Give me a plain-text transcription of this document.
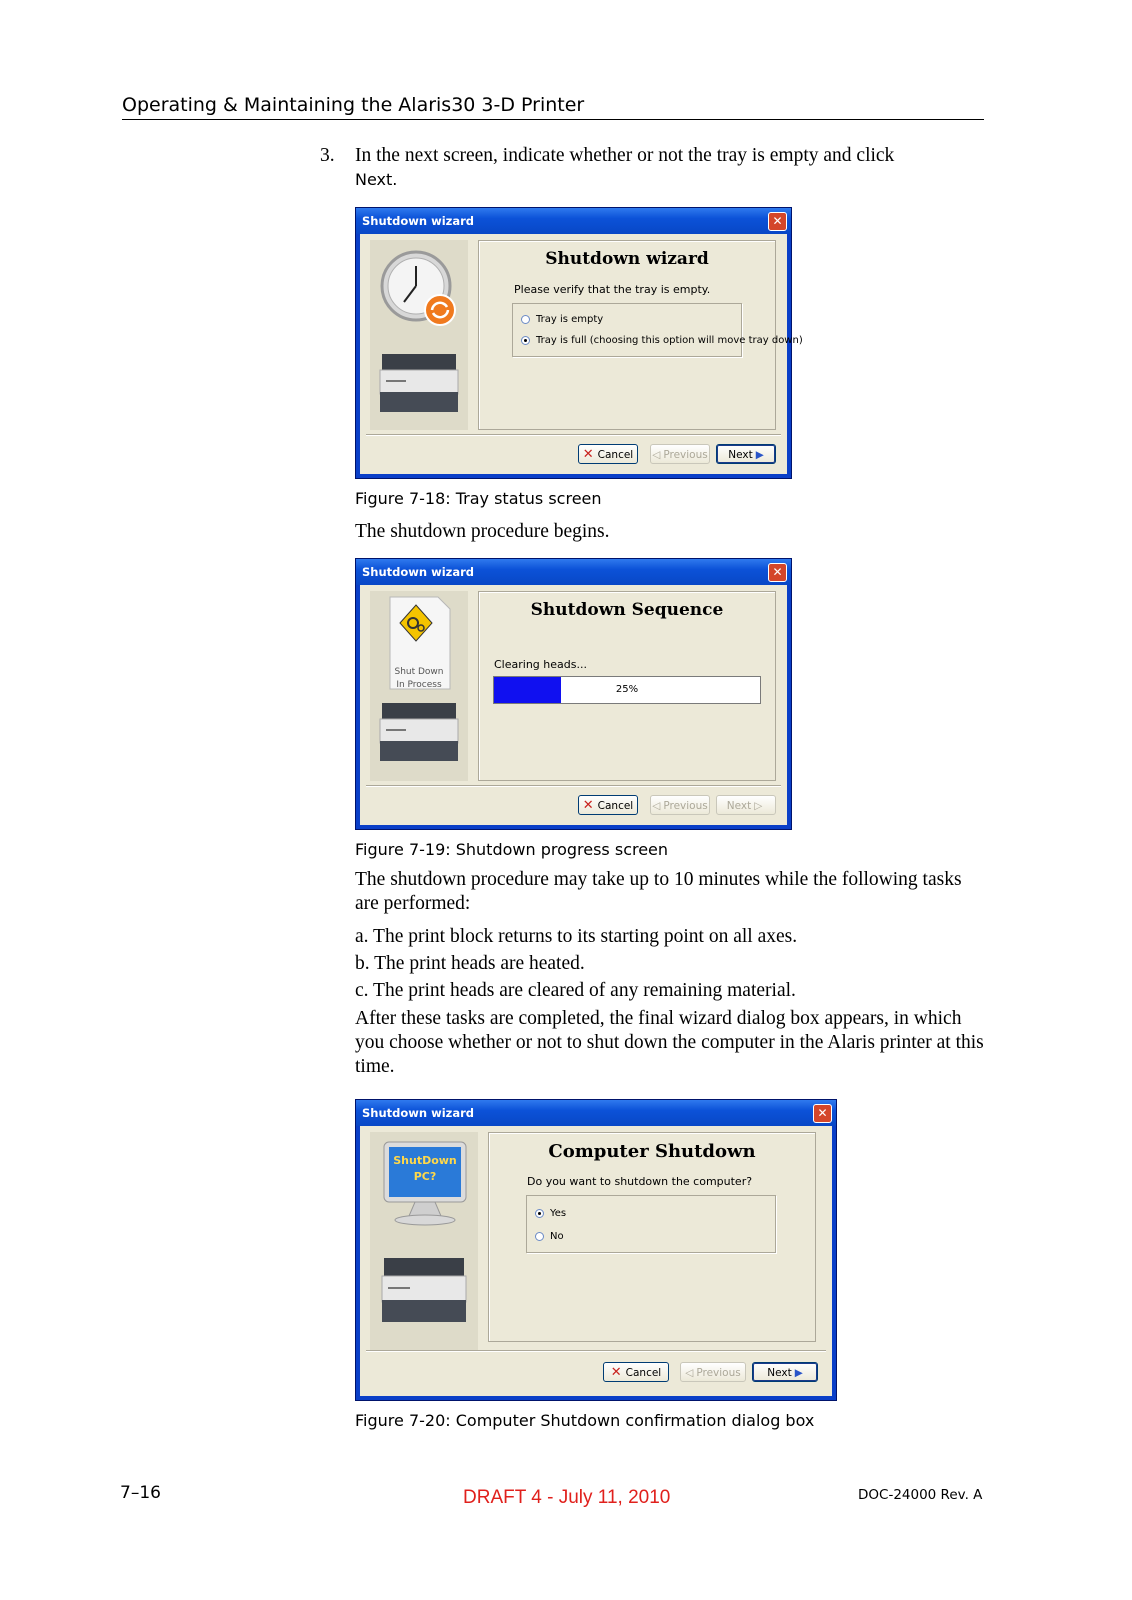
Operating & Maintaining the Alaris30 3-D Printer
3. In the next screen, indicate whether or not the tray is empty and click
Next.
Shutdown wizard	✕
Shutdown wizard
Please verify that the tray is empty.
Tray is empty
Tray is full (choosing this option will move tray down)
✕ Cancel	◁ Previous	Next ▶
Figure 7-18: Tray status screen
The shutdown procedure begins.
Shutdown wizard	✕
Shut Down
In Process
Shutdown Sequence
Clearing heads...
25%
✕ Cancel	◁ Previous	Next ▷
Figure 7-19: Shutdown progress screen
The shutdown procedure may take up to 10 minutes while the following tasks are performed:
a. The print block returns to its starting point on all axes.
b. The print heads are heated.
c. The print heads are cleared of any remaining material.
After these tasks are completed, the final wizard dialog box appears, in which you choose whether or not to shut down the computer in the Alaris printer at this time.
Shutdown wizard	✕
ShutDown
PC?
Computer Shutdown
Do you want to shutdown the computer?
Yes
No
✕ Cancel	◁ Previous	Next ▶
Figure 7-20: Computer Shutdown confirmation dialog box
7–16	DRAFT 4 - July 11, 2010	DOC-24000 Rev. A
